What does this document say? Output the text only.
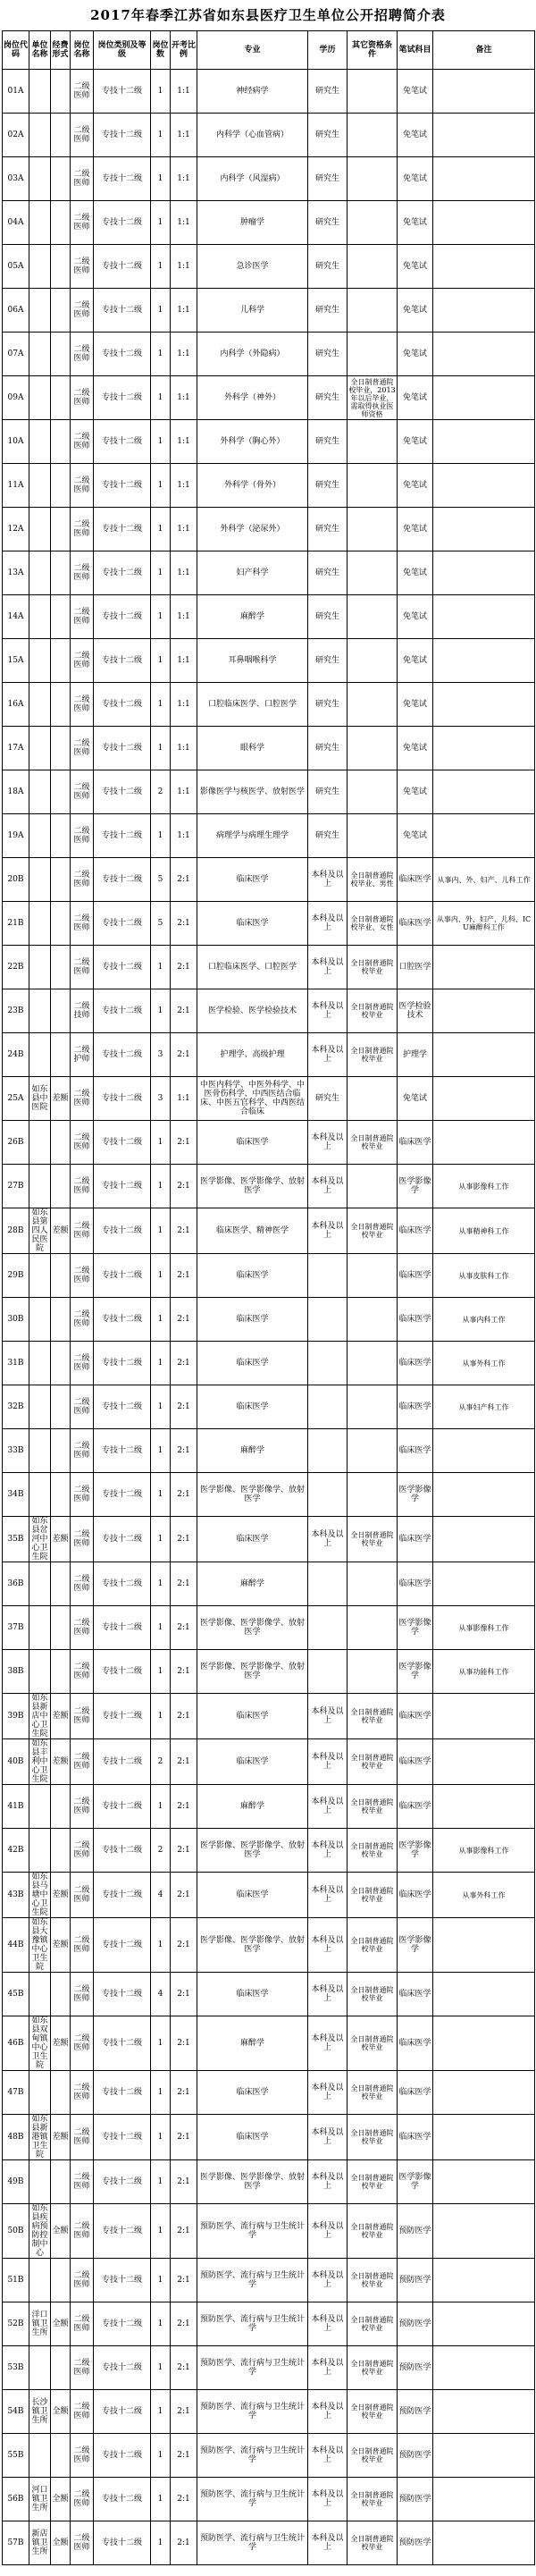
2017年春季江苏省如东县医疗卫生单位公开招聘简介表
岗位代码	单位名称	经费形式	岗位名称	岗位类别及等级	岗位数	开考比例	专业	学历	其它资格条件	笔试科目	备注
01A			二级医师	专技十二级	1	1:1	神经病学	研究生		免笔试	
02A			二级医师	专技十二级	1	1:1	内科学（心血管病）	研究生		免笔试	
03A			二级医师	专技十二级	1	1:1	内科学（风湿病）	研究生		免笔试	
04A			二级医师	专技十二级	1	1:1	肿瘤学	研究生		免笔试	
05A			二级医师	专技十二级	1	1:1	急诊医学	研究生		免笔试	
06A			二级医师	专技十二级	1	1:1	儿科学	研究生		免笔试	
07A			二级医师	专技十二级	1	1:1	内科学（外隐病）	研究生		免笔试	
09A			二级医师	专技十二级	1	1:1	外科学（神外）	研究生	全日制普通院校毕业，2013年以后毕业，需取得执业医师资格	免笔试	
10A			二级医师	专技十二级	1	1:1	外科学（胸心外）	研究生		免笔试	
11A			二级医师	专技十二级	1	1:1	外科学（骨外）	研究生		免笔试	
12A			二级医师	专技十二级	1	1:1	外科学（泌尿外）	研究生		免笔试	
13A			二级医师	专技十二级	1	1:1	妇产科学	研究生		免笔试	
14A			二级医师	专技十二级	1	1:1	麻醉学	研究生		免笔试	
15A			二级医师	专技十二级	1	1:1	耳鼻咽喉科学	研究生		免笔试	
16A			二级医师	专技十二级	1	1:1	口腔临床医学、口腔医学	研究生		免笔试	
17A			二级医师	专技十二级	1	1:1	眼科学	研究生		免笔试	
18A			二级医师	专技十二级	2	1:1	影像医学与核医学、放射医学	研究生		免笔试	
19A			二级医师	专技十二级	1	1:1	病理学与病理生理学	研究生		免笔试	
20B			二级医师	专技十二级	5	2:1	临床医学	本科及以上	全日制普通院校毕业、男性	临床医学	从事内、外、妇产、儿科工作
21B			二级医师	专技十二级	5	2:1	临床医学	本科及以上	全日制普通院校毕业、女性	临床医学	从事内、外、妇产、儿科、ICU麻醉科工作
22B			二级医师	专技十二级	1	2:1	口腔临床医学、口腔医学	本科及以上	全日制普通院校毕业	口腔医学	
23B			二级技师	专技十二级	1	2:1	医学检验、医学检验技术	本科及以上	全日制普通院校毕业	医学检验技术	
24B			二级护师	专技十二级	3	2:1	护理学、高级护理	本科及以上	全日制普通院校毕业	护理学	
25A	如东县中医院	差额	二级医师	专技十二级	3	1:1	中医内科学、中医外科学、中医骨伤科学、中西医结合临床、中医五官科学、中西医结合临床	研究生		免笔试	
26B			二级医师	专技十二级	1	2:1	临床医学	本科及以上	全日制普通院校毕业	临床医学	
27B			二级医师	专技十二级	1	2:1	医学影像、医学影像学、放射医学	本科及以上		医学影像学	从事影像科工作
28B	如东县第四人民医院	差额	二级医师	专技十二级	1	2:1	临床医学、精神医学	本科及以上	全日制普通院校毕业	临床医学	从事精神科工作
29B			二级医师	专技十二级	1	2:1	临床医学			临床医学	从事皮肤科工作
30B			二级医师	专技十二级	1	2:1	临床医学			临床医学	从事内科工作
31B			二级医师	专技十二级	1	2:1	临床医学			临床医学	从事外科工作
32B			二级医师	专技十二级	1	2:1	临床医学			临床医学	从事妇产科工作
33B			二级医师	专技十二级	1	2:1	麻醉学			临床医学	
34B			二级医师	专技十二级	1	2:1	医学影像、医学影像学、放射医学			医学影像学	
35B	如东县岔河中心卫生院	差额	二级医师	专技十二级	1	2:1	临床医学	本科及以上	全日制普通院校毕业	临床医学	
36B			二级医师	专技十二级	1	2:1	麻醉学			临床医学	
37B			二级医师	专技十二级	1	2:1	医学影像、医学影像学、放射医学			医学影像学	从事影像科工作
38B			二级医师	专技十二级	1	2:1	医学影像、医学影像学、放射医学			医学影像学	从事功能科工作
39B	如东县新店中心卫生院	差额	二级医师	专技十二级	1	2:1	临床医学	本科及以上	全日制普通院校毕业	临床医学	
40B	如东县丰利中心卫生院	差额	二级医师	专技十二级	2	2:1	临床医学	本科及以上	全日制普通院校毕业	临床医学	
41B			二级医师	专技十二级	1	2:1	麻醉学	本科及以上	全日制普通院校毕业	临床医学	
42B			二级医师	专技十二级	2	2:1	医学影像、医学影像学、放射医学	本科及以上	全日制普通院校毕业	医学影像学	从事影像科工作
43B	如东县马塘中心卫生院	差额	二级医师	专技十二级	4	2:1	临床医学	本科及以上	全日制普通院校毕业	临床医学	从事外科工作
44B	如东县大豫镇中心卫生院	差额	二级医师	专技十二级	1	2:1	医学影像、医学影像学、放射医学	本科及以上	全日制普通院校毕业	医学影像学	
45B			二级医师	专技十二级	4	2:1	临床医学	本科及以上	全日制普通院校毕业	临床医学	
46B	如东县双甸镇中心卫生院	差额	二级医师	专技十二级	1	2:1	麻醉学	本科及以上	全日制普通院校毕业	临床医学	
47B			二级医师	专技十二级	1	2:1	临床医学	本科及以上	全日制普通院校毕业	临床医学	
48B	如东县新港镇卫生院	差额	二级医师	专技十二级	1	2:1	临床医学	本科及以上	全日制普通院校毕业	临床医学	
49B			二级医师	专技十二级	1	2:1	医学影像、医学影像学、放射医学	本科及以上	全日制普通院校毕业	医学影像学	
50B	如东县疾病预防控制中心	全额	二级医师	专技十二级	1	2:1	预防医学、流行病与卫生统计学	本科及以上	全日制普通院校毕业	预防医学	
51B			二级医师	专技十二级	1	2:1	预防医学、流行病与卫生统计学	本科及以上	全日制普通院校毕业	预防医学	
52B	洋口镇卫生所	全额	二级医师	专技十二级	1	2:1	预防医学、流行病与卫生统计学	本科及以上	全日制普通院校毕业	预防医学	
53B			二级医师	专技十二级	1	2:1	预防医学、流行病与卫生统计学	本科及以上	全日制普通院校毕业	预防医学	
54B	长沙镇卫生所	全额	二级医师	专技十二级	1	2:1	预防医学、流行病与卫生统计学	本科及以上	全日制普通院校毕业	预防医学	
55B			二级医师	专技十二级	1	2:1	预防医学、流行病与卫生统计学	本科及以上	全日制普通院校毕业	预防医学	
56B	河口镇卫生所	全额	二级医师	专技十二级	1	2:1	预防医学、流行病与卫生统计学	本科及以上	全日制普通院校毕业	预防医学	
57B	新店镇卫生所	全额	二级医师	专技十二级	1	2:1	预防医学、流行病与卫生统计学	本科及以上	全日制普通院校毕业	预防医学	
